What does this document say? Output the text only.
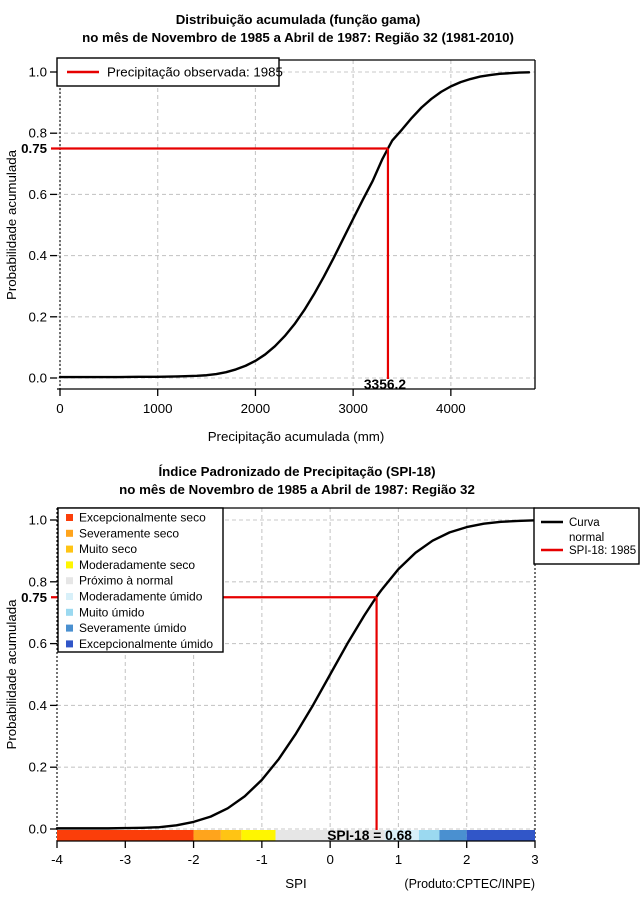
Distribuição acumulada (função gama)
no mês de Novembro de 1985 a Abril de 1987: Região 32 (1981-2010)
0.0
0.2
0.4
0.6
0.8
1.0
0	1000	2000	3000	4000
0.75
3356.2
Precipitação observada: 1985
Precipitação acumulada (mm)
Probabilidade acumulada
Índice Padronizado de Precipitação (SPI-18)
no mês de Novembro de 1985 a Abril de 1987: Região 32
0.0
0.2
0.4
0.6
0.8
1.0
-4	-3	-2	-1	0	1	2	3
0.75
SPI-18 = 0.68
Excepcionalmente seco
Severamente seco
Muito seco
Moderadamente seco
Próximo à normal
Moderadamente úmido
Muito úmido
Severamente úmido
Excepcionalmente úmido
Curva
normal
SPI-18: 1985
SPI
Probabilidade acumulada
(Produto:CPTEC/INPE)
